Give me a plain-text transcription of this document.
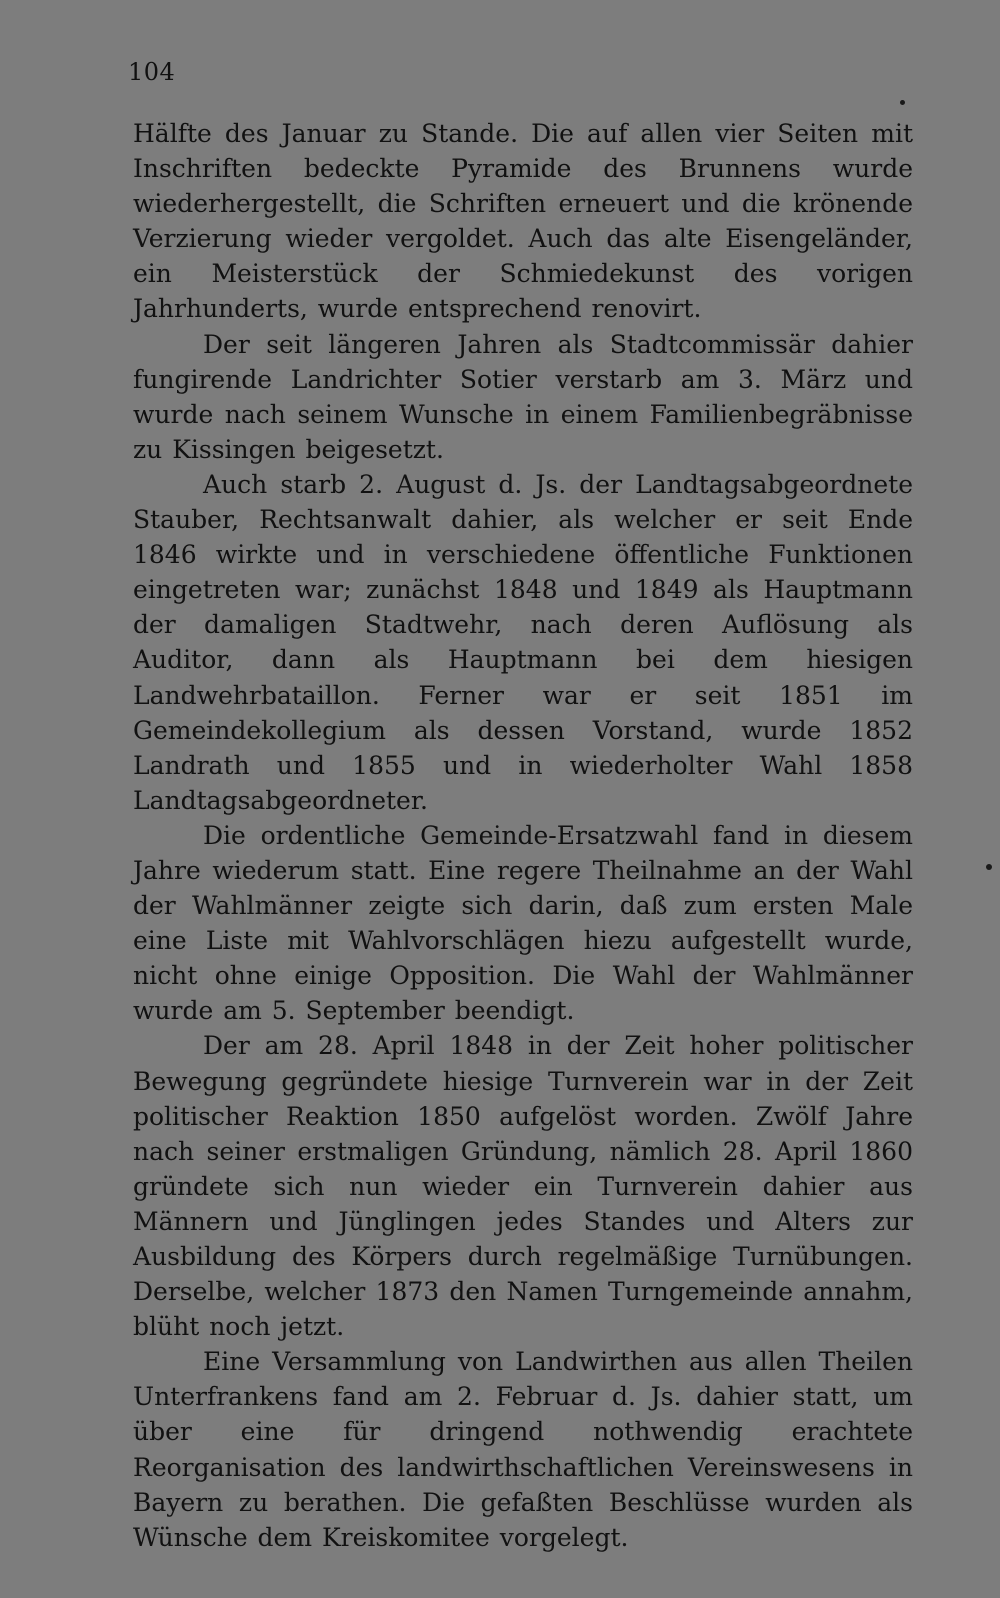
104

Hälfte des Januar zu Stande. Die auf allen vier Seiten mit Inschriften bedeckte Pyramide des Brunnens wurde wiederhergestellt, die Schriften erneuert und die krönende Verzierung wieder vergoldet. Auch das alte Eisengeländer, ein Meisterstück der Schmiedekunst des vorigen Jahrhunderts, wurde entsprechend renovirt.

Der seit längeren Jahren als Stadtcommissär dahier fungirende Landrichter Sotier verstarb am 3. März und wurde nach seinem Wunsche in einem Familienbegräbnisse zu Kissingen beigesetzt.

Auch starb 2. August d. Js. der Landtagsabgeordnete Stauber, Rechtsanwalt dahier, als welcher er seit Ende 1846 wirkte und in verschiedene öffentliche Funktionen eingetreten war; zunächst 1848 und 1849 als Hauptmann der damaligen Stadtwehr, nach deren Auflösung als Auditor, dann als Hauptmann bei dem hiesigen Landwehrbataillon. Ferner war er seit 1851 im Gemeindekollegium als dessen Vorstand, wurde 1852 Landrath und 1855 und in wiederholter Wahl 1858 Landtagsabgeordneter.

Die ordentliche Gemeinde-Ersatzwahl fand in diesem Jahre wiederum statt. Eine regere Theilnahme an der Wahl der Wahlmänner zeigte sich darin, daß zum ersten Male eine Liste mit Wahlvorschlägen hiezu aufgestellt wurde, nicht ohne einige Opposition. Die Wahl der Wahlmänner wurde am 5. September beendigt.

Der am 28. April 1848 in der Zeit hoher politischer Bewegung gegründete hiesige Turnverein war in der Zeit politischer Reaktion 1850 aufgelöst worden. Zwölf Jahre nach seiner erstmaligen Gründung, nämlich 28. April 1860 gründete sich nun wieder ein Turnverein dahier aus Männern und Jünglingen jedes Standes und Alters zur Ausbildung des Körpers durch regelmäßige Turnübungen. Derselbe, welcher 1873 den Namen Turngemeinde annahm, blüht noch jetzt.

Eine Versammlung von Landwirthen aus allen Theilen Unterfrankens fand am 2. Februar d. Js. dahier statt, um über eine für dringend nothwendig erachtete Reorganisation des landwirthschaftlichen Vereinswesens in Bayern zu berathen. Die gefaßten Beschlüsse wurden als Wünsche dem Kreiskomitee vorgelegt.
